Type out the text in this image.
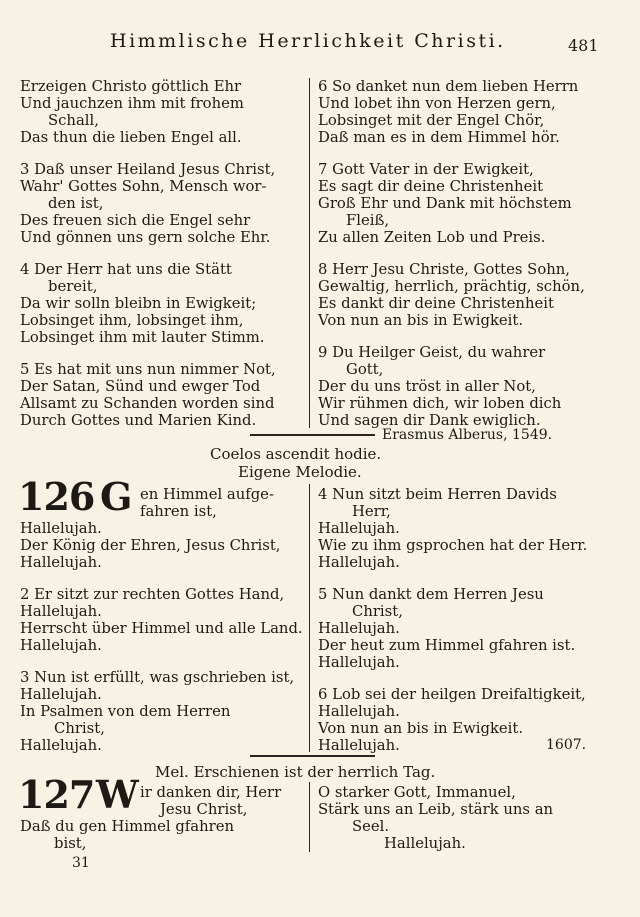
Himmlische Herrlichkeit Christi.	481
Erzeigen Christo göttlich Ehr
Und jauchzen ihm mit frohem
Schall,
Das thun die lieben Engel all.
3 Daß unser Heiland Jesus Christ,
Wahr' Gottes Sohn, Mensch wor-
den ist,
Des freuen sich die Engel sehr
Und gönnen uns gern solche Ehr.
4 Der Herr hat uns die Stätt
bereit,
Da wir solln bleibn in Ewigkeit;
Lobsinget ihm, lobsinget ihm,
Lobsinget ihm mit lauter Stimm.
5 Es hat mit uns nun nimmer Not,
Der Satan, Sünd und ewger Tod
Allsamt zu Schanden worden sind
Durch Gottes und Marien Kind.
6 So danket nun dem lieben Herrn
Und lobet ihn von Herzen gern,
Lobsinget mit der Engel Chör,
Daß man es in dem Himmel hör.
7 Gott Vater in der Ewigkeit,
Es sagt dir deine Christenheit
Groß Ehr und Dank mit höchstem
Fleiß,
Zu allen Zeiten Lob und Preis.
8 Herr Jesu Christe, Gottes Sohn,
Gewaltig, herrlich, prächtig, schön,
Es dankt dir deine Christenheit
Von nun an bis in Ewigkeit.
9 Du Heilger Geist, du wahrer
Gott,
Der du uns tröst in aller Not,
Wir rühmen dich, wir loben dich
Und sagen dir Dank ewiglich.
Erasmus Alberus, 1549.
Coelos ascendit hodie.
Eigene Melodie.
126 G en Himmel aufge-
fahren ist,
Hallelujah.
Der König der Ehren, Jesus Christ,
Hallelujah.
2 Er sitzt zur rechten Gottes Hand,
Hallelujah.
Herrscht über Himmel und alle Land.
Hallelujah.
3 Nun ist erfüllt, was gschrieben ist,
Hallelujah.
In Psalmen von dem Herren
Christ,
Hallelujah.
4 Nun sitzt beim Herren Davids
Herr,
Hallelujah.
Wie zu ihm gsprochen hat der Herr.
Hallelujah.
5 Nun dankt dem Herren Jesu
Christ,
Hallelujah.
Der heut zum Himmel gfahren ist.
Hallelujah.
6 Lob sei der heilgen Dreifaltigkeit,
Hallelujah.
Von nun an bis in Ewigkeit.
Hallelujah.	1607.
Mel. Erschienen ist der herrlich Tag.
127 W ir danken dir, Herr
Jesu Christ,
Daß du gen Himmel gfahren
bist,
O starker Gott, Immanuel,
Stärk uns an Leib, stärk uns an
Seel.
Hallelujah.
31
